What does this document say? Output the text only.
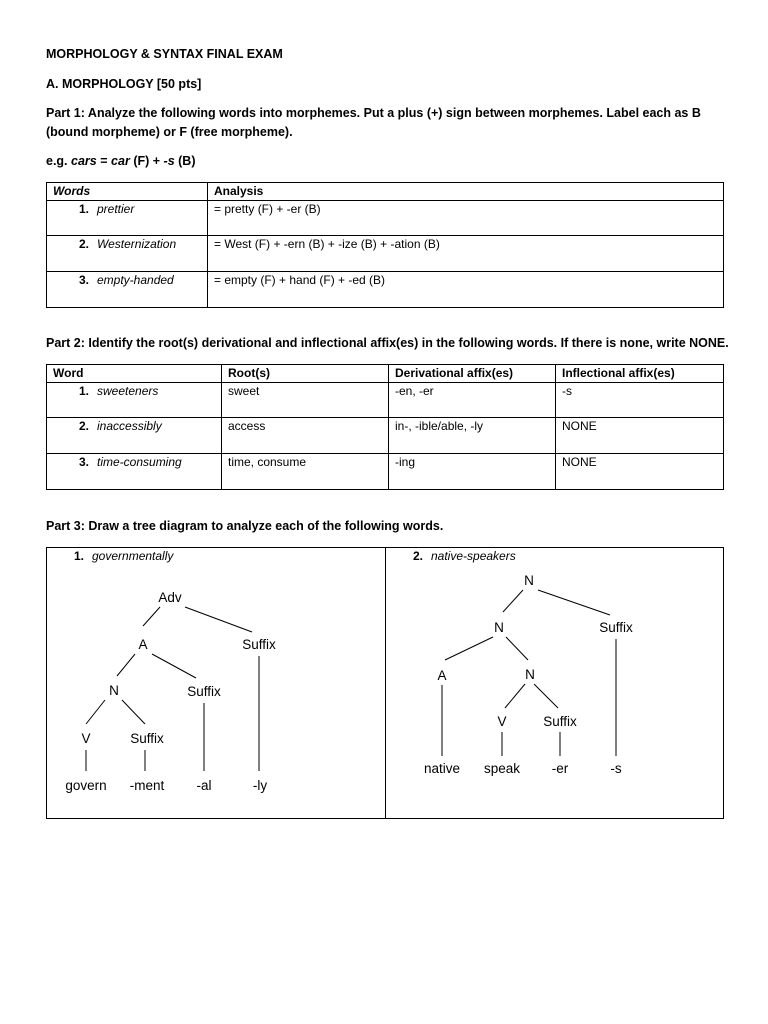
MORPHOLOGY & SYNTAX FINAL EXAM
A. MORPHOLOGY [50 pts]
Part 1: Analyze the following words into morphemes. Put a plus (+) sign between morphemes. Label each as B (bound morpheme) or F (free morpheme).
e.g. cars = car (F) + -s (B)
Words	Analysis
1. prettier	= pretty (F) + -er (B)
2. Westernization	= West (F) + -ern (B) + -ize (B) + -ation (B)
3. empty-handed	= empty (F) + hand (F) + -ed (B)
Part 2: Identify the root(s) derivational and inflectional affix(es) in the following words. If there is none, write NONE.
Word	Root(s)	Derivational affix(es)	Inflectional affix(es)
1. sweeteners	sweet	-en, -er	-s
2. inaccessibly	access	in-, -ible/able, -ly	NONE
3. time-consuming	time, consume	-ing	NONE
Part 3: Draw a tree diagram to analyze each of the following words.
1. governmentally	2. native-speakers
Adv
A	Suffix
N	Suffix
V	Suffix
govern -ment -al	-ly
N
N	Suffix
A	N
V	Suffix
native speak -er	-s
